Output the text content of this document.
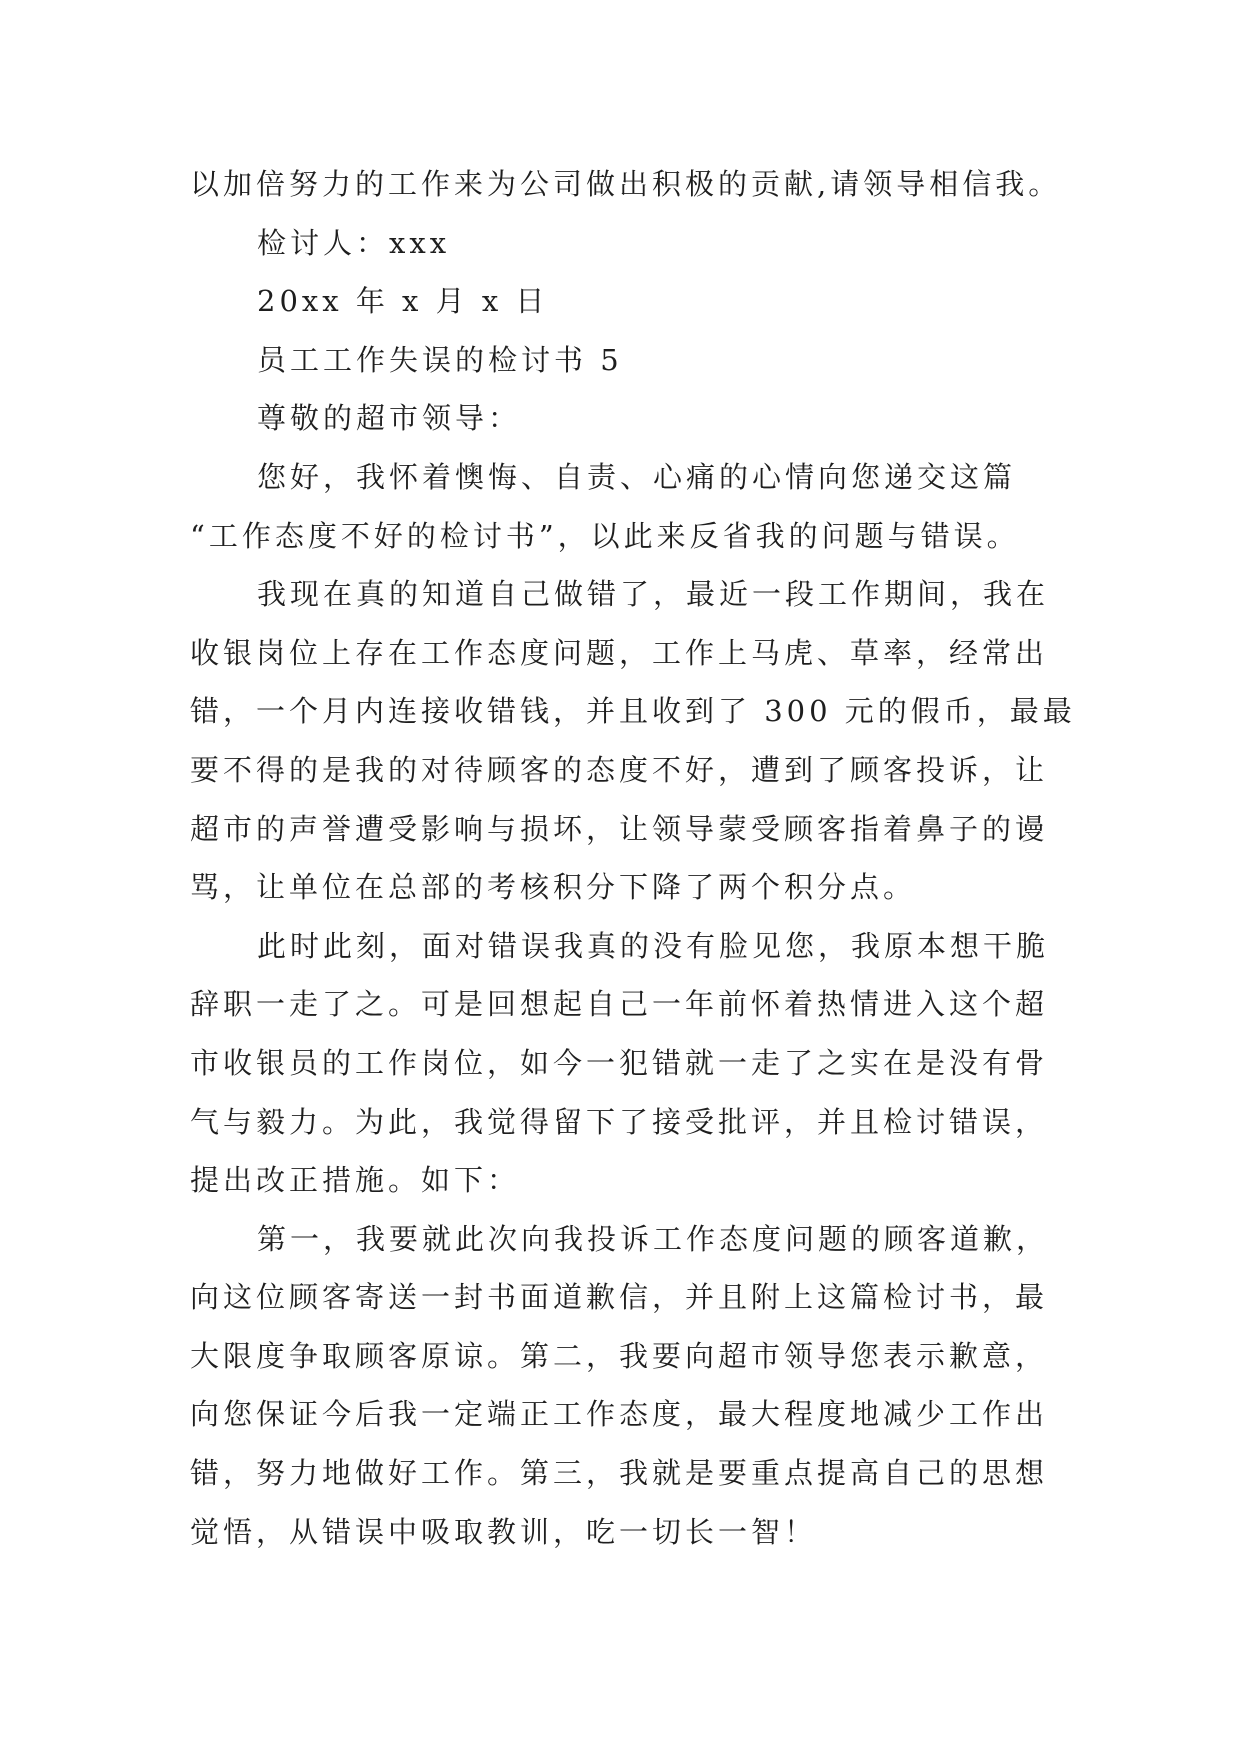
以加倍努力的工作来为公司做出积极的贡献,请领导相信我。
检讨人：xxx
20xx 年 x 月 x 日
员工工作失误的检讨书 5
尊敬的超市领导：
您好，我怀着懊悔、自责、心痛的心情向您递交这篇
“工作态度不好的检讨书”，以此来反省我的问题与错误。
我现在真的知道自己做错了，最近一段工作期间，我在
收银岗位上存在工作态度问题，工作上马虎、草率，经常出
错，一个月内连接收错钱，并且收到了 300 元的假币，最最
要不得的是我的对待顾客的态度不好，遭到了顾客投诉，让
超市的声誉遭受影响与损坏，让领导蒙受顾客指着鼻子的谩
骂，让单位在总部的考核积分下降了两个积分点。
此时此刻，面对错误我真的没有脸见您，我原本想干脆
辞职一走了之。可是回想起自己一年前怀着热情进入这个超
市收银员的工作岗位，如今一犯错就一走了之实在是没有骨
气与毅力。为此，我觉得留下了接受批评，并且检讨错误，
提出改正措施。如下：
第一，我要就此次向我投诉工作态度问题的顾客道歉，
向这位顾客寄送一封书面道歉信，并且附上这篇检讨书，最
大限度争取顾客原谅。第二，我要向超市领导您表示歉意，
向您保证今后我一定端正工作态度，最大程度地减少工作出
错，努力地做好工作。第三，我就是要重点提高自己的思想
觉悟，从错误中吸取教训，吃一切长一智！
